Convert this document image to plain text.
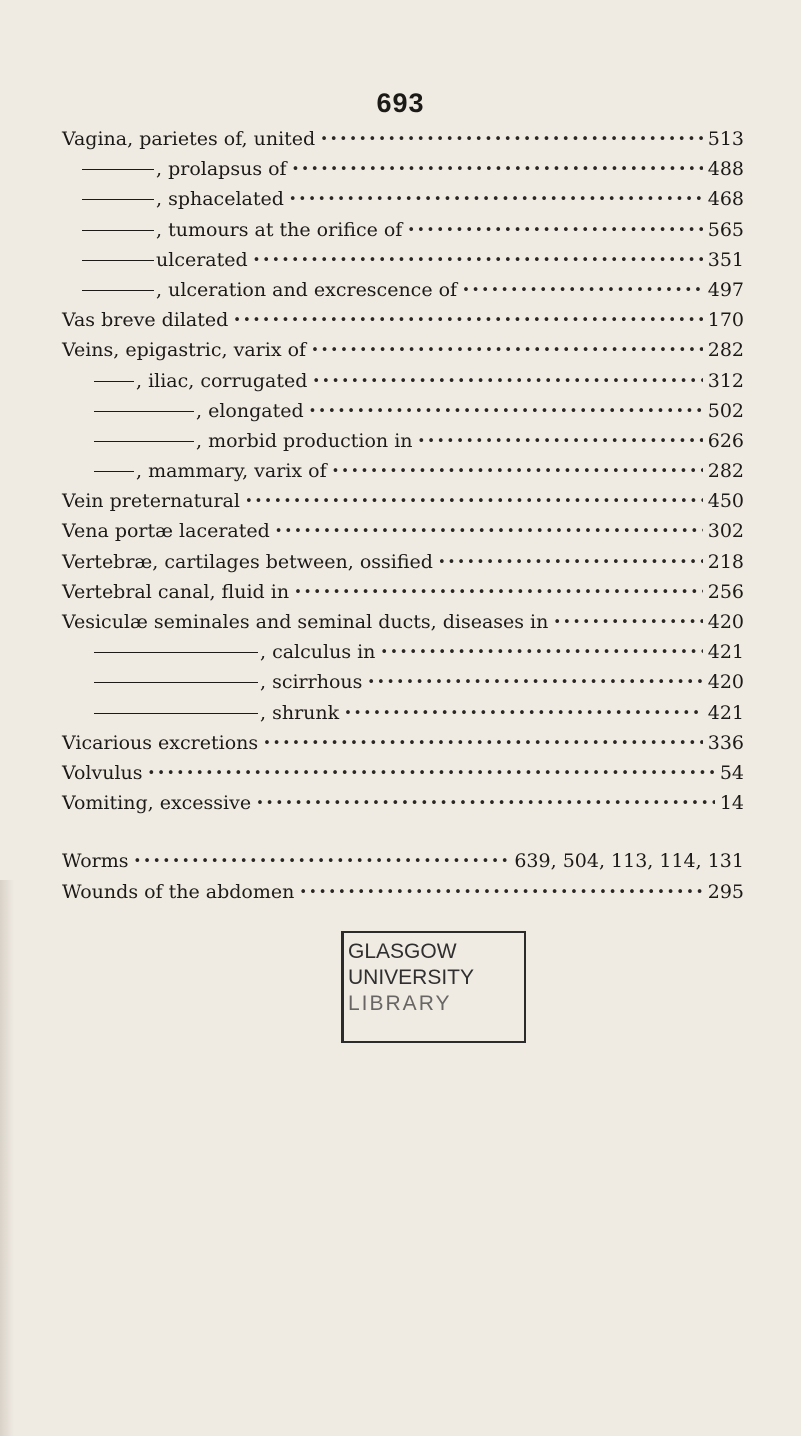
693
Vagina, parietes of, united •••••	513
, prolapsus of •••••	488
, sphacelated •••••	468
, tumours at the orifice of •••••	565
ulcerated •••••	351
, ulceration and excrescence of •••••	497
Vas breve dilated •••••	170
Veins, epigastric, varix of •••••	282
, iliac, corrugated •••••	312
, elongated •••••	502
, morbid production in •••••	626
, mammary, varix of •••••	282
Vein preternatural •••••	450
Vena portæ lacerated •••••	302
Vertebræ, cartilages between, ossified •••••	218
Vertebral canal, fluid in •••••	256
Vesiculæ seminales and seminal ducts, diseases in •••••	420
, calculus in •••••	421
, scirrhous •••••	420
, shrunk •••••	421
Vicarious excretions •••••	336
Volvulus •••••	54
Vomiting, excessive •••••	14
Worms •••••	639, 504, 113, 114, 131
Wounds of the abdomen •••••	295
GLASGOW
UNIVERSITY
LIBRARY
